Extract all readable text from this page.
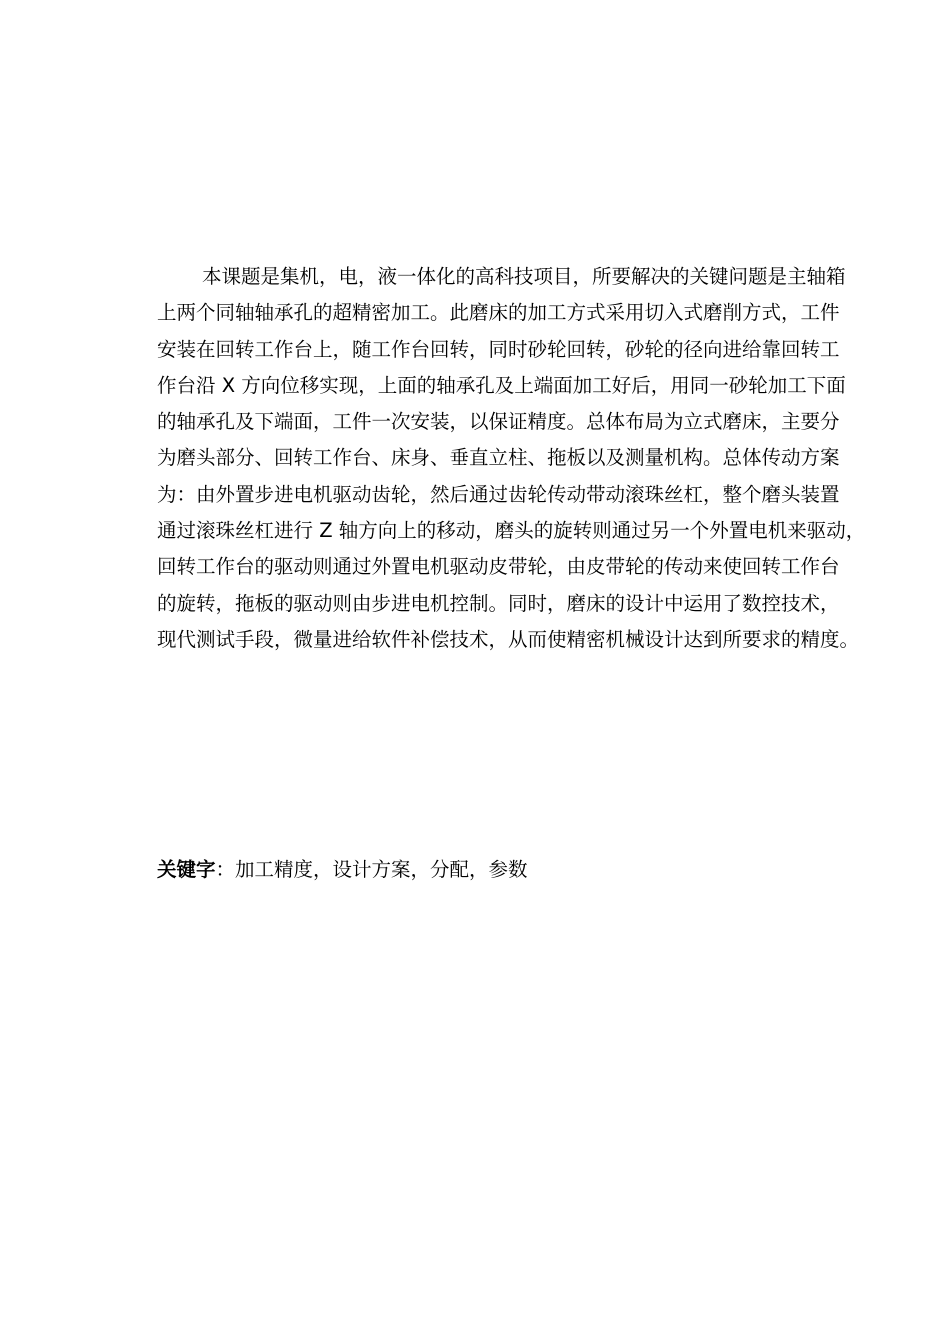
本课题是集机，电，液一体化的高科技项目，所要解决的关键问题是主轴箱
上两个同轴轴承孔的超精密加工。此磨床的加工方式采用切入式磨削方式，工件
安装在回转工作台上，随工作台回转，同时砂轮回转，砂轮的径向进给靠回转工
作台沿 X 方向位移实现，上面的轴承孔及上端面加工好后，用同一砂轮加工下面
的轴承孔及下端面，工件一次安装，以保证精度。总体布局为立式磨床，主要分
为磨头部分、回转工作台、床身、垂直立柱、拖板以及测量机构。总体传动方案
为：由外置步进电机驱动齿轮，然后通过齿轮传动带动滚珠丝杠，整个磨头装置
通过滚珠丝杠进行 Z 轴方向上的移动，磨头的旋转则通过另一个外置电机来驱动，
回转工作台的驱动则通过外置电机驱动皮带轮，由皮带轮的传动来使回转工作台
的旋转，拖板的驱动则由步进电机控制。同时，磨床的设计中运用了数控技术，
现代测试手段，微量进给软件补偿技术，从而使精密机械设计达到所要求的精度。
关键字：加工精度，设计方案，分配，参数
